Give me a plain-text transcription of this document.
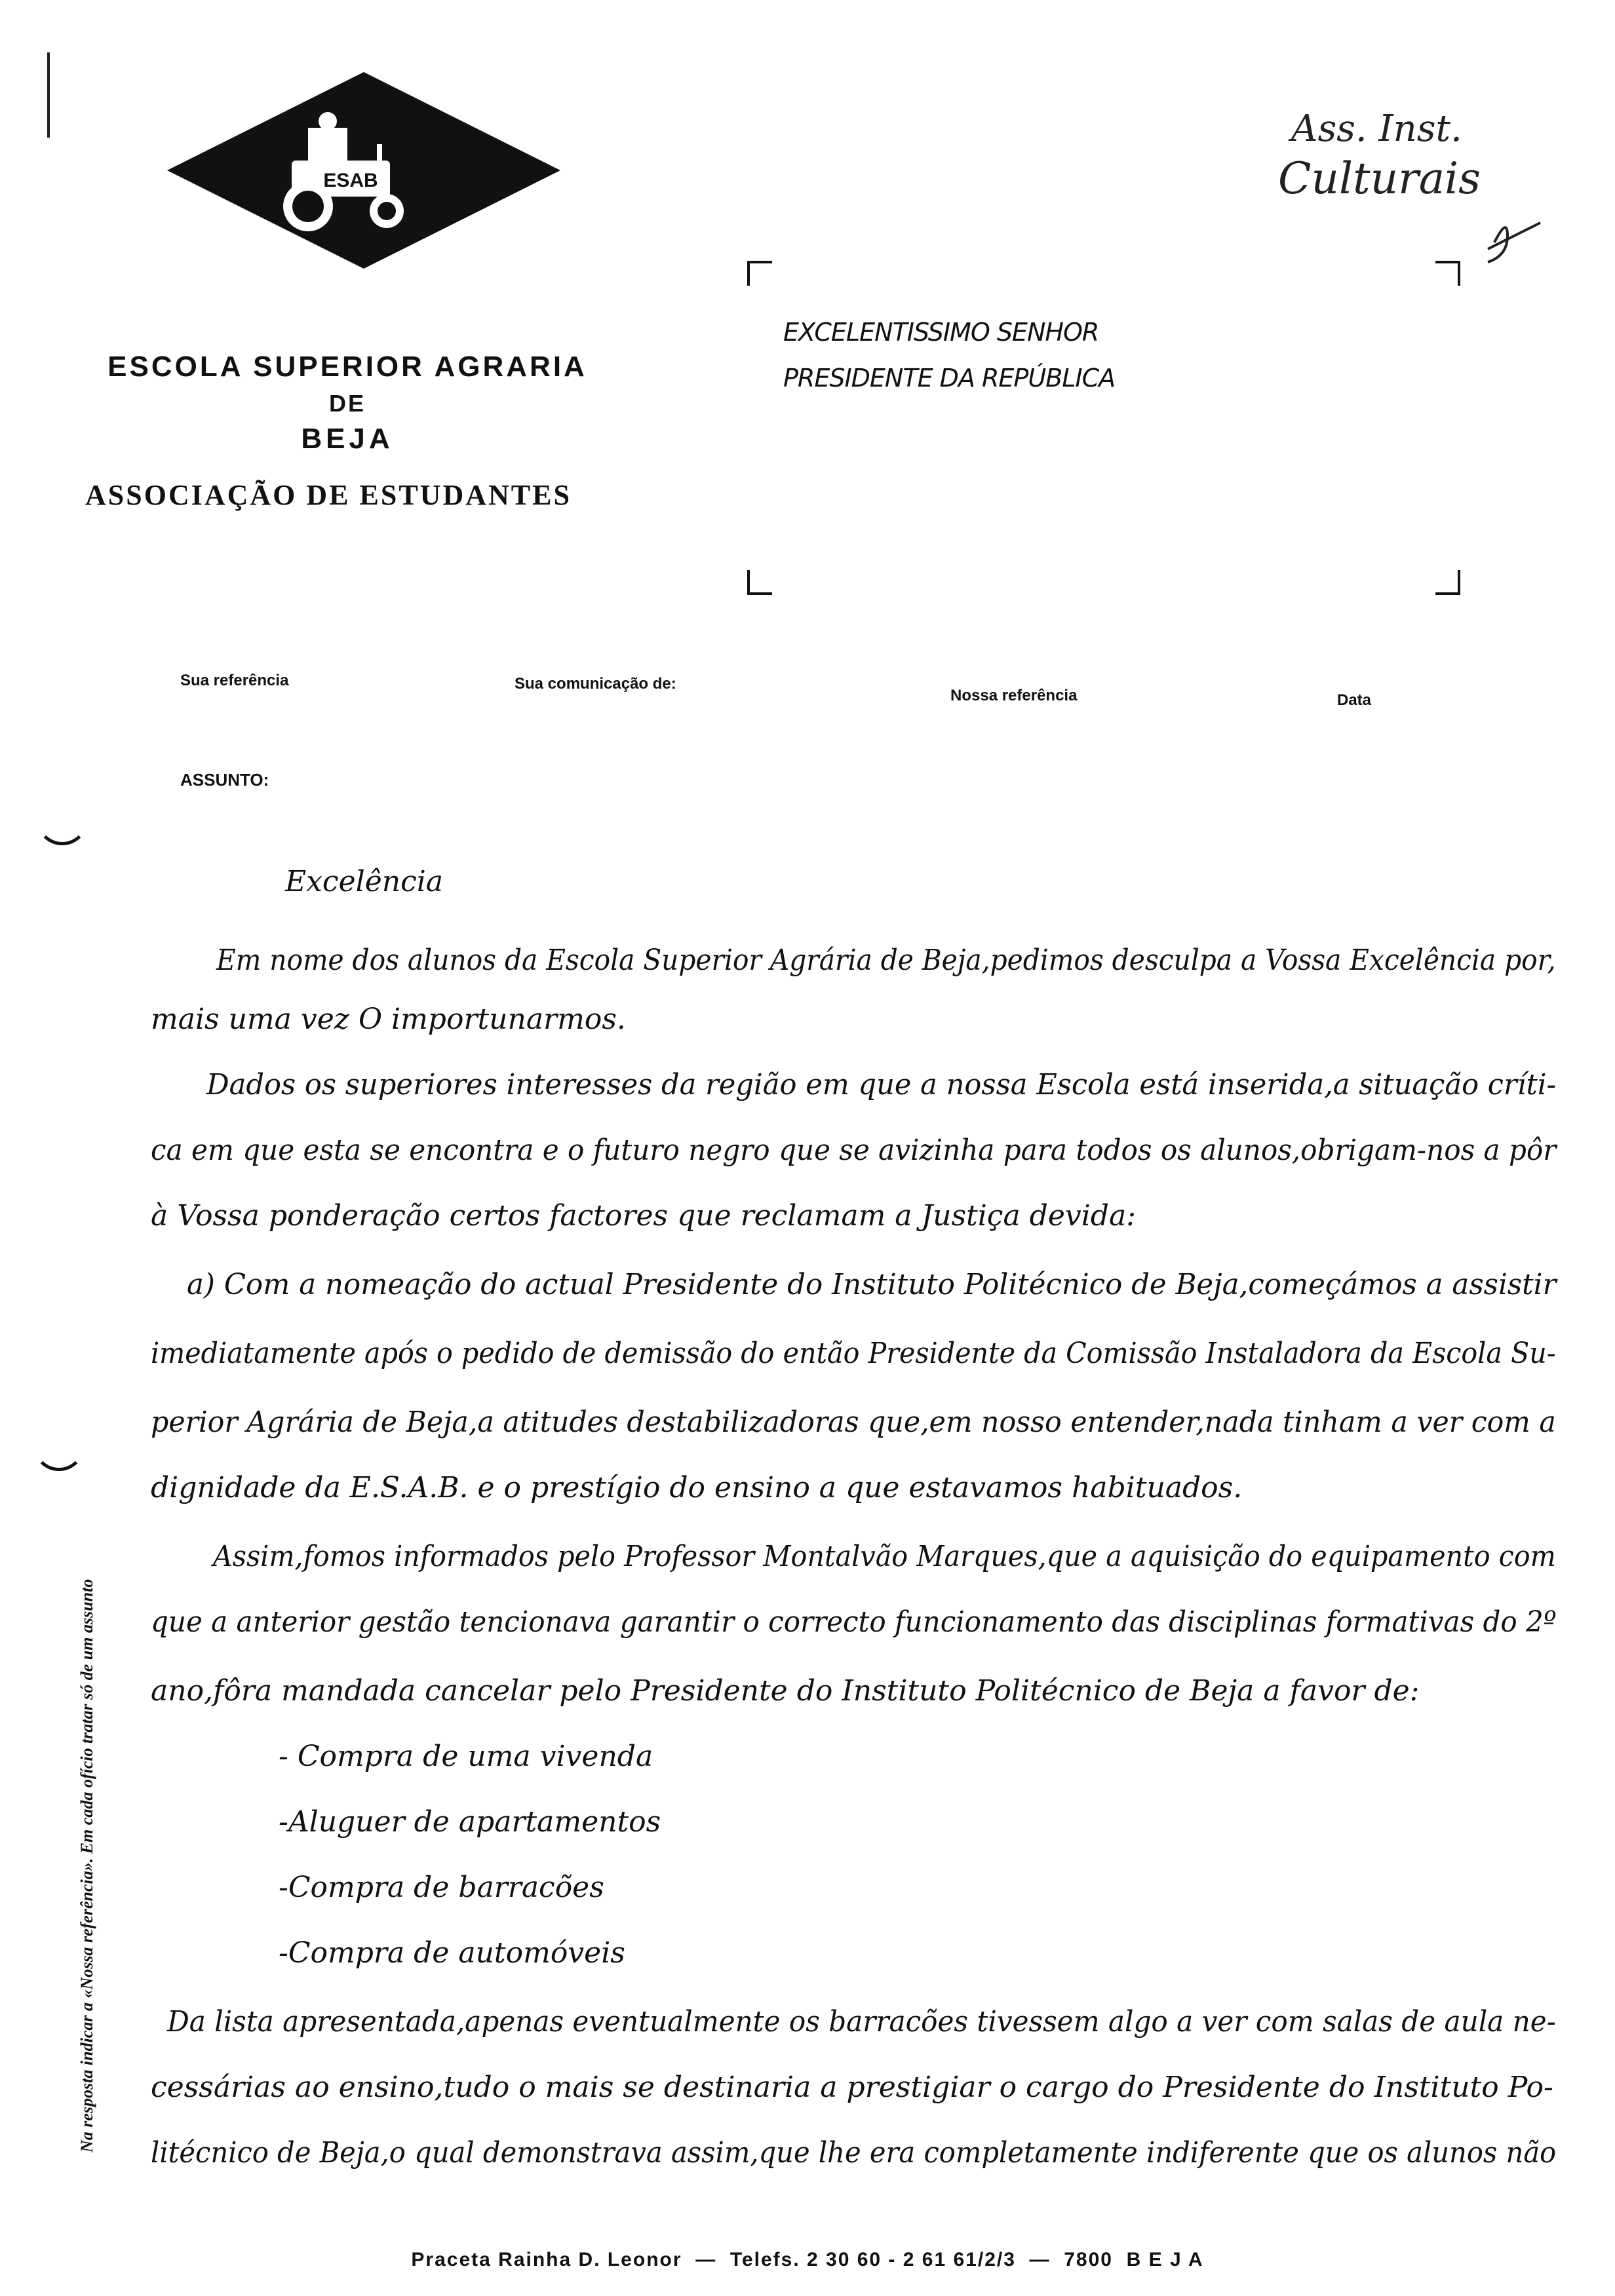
ESAB
ESCOLA SUPERIOR AGRARIA
DE
BEJA
ASSOCIAÇÃO DE ESTUDANTES
Ass. Inst.
Culturais
EXCELENTISSIMO SENHOR
PRESIDENTE DA REPÚBLICA
Sua referência	Sua comunicação de:
Nossa referência	Data
ASSUNTO:
Excelência
Em nome dos alunos da Escola Superior Agrária de Beja,pedimos desculpa a Vossa Excelência por,
mais uma vez O importunarmos.
Dados os superiores interesses da região em que a nossa Escola está inserida,a situação críti-
ca em que esta se encontra e o futuro negro que se avizinha para todos os alunos,obrigam-nos a pôr
à Vossa ponderação certos factores que reclamam a Justiça devida:
a) Com a nomeação do actual Presidente do Instituto Politécnico de Beja,começámos a assistir
imediatamente após o pedido de demissão do então Presidente da Comissão Instaladora da Escola Su-
perior Agrária de Beja,a atitudes destabilizadoras que,em nosso entender,nada tinham a ver com a
dignidade da E.S.A.B. e o prestígio do ensino a que estavamos habituados.
Assim,fomos informados pelo Professor Montalvão Marques,que a aquisição do equipamento com
que a anterior gestão tencionava garantir o correcto funcionamento das disciplinas formativas do 2º
ano,fôra mandada cancelar pelo Presidente do Instituto Politécnico de Beja a favor de:
- Compra de uma vivenda
-Aluguer de apartamentos
-Compra de barracões
-Compra de automóveis
Da lista apresentada,apenas eventualmente os barracões tivessem algo a ver com salas de aula ne-
cessárias ao ensino,tudo o mais se destinaria a prestigiar o cargo do Presidente do Instituto Po-
litécnico de Beja,o qual demonstrava assim,que lhe era completamente indiferente que os alunos não
Na resposta indicar a «Nossa referência». Em cada ofício tratar só de um assunto
Praceta Rainha D. Leonor  —  Telefs. 2 30 60 - 2 61 61/2/3  —  7800  B E J A
